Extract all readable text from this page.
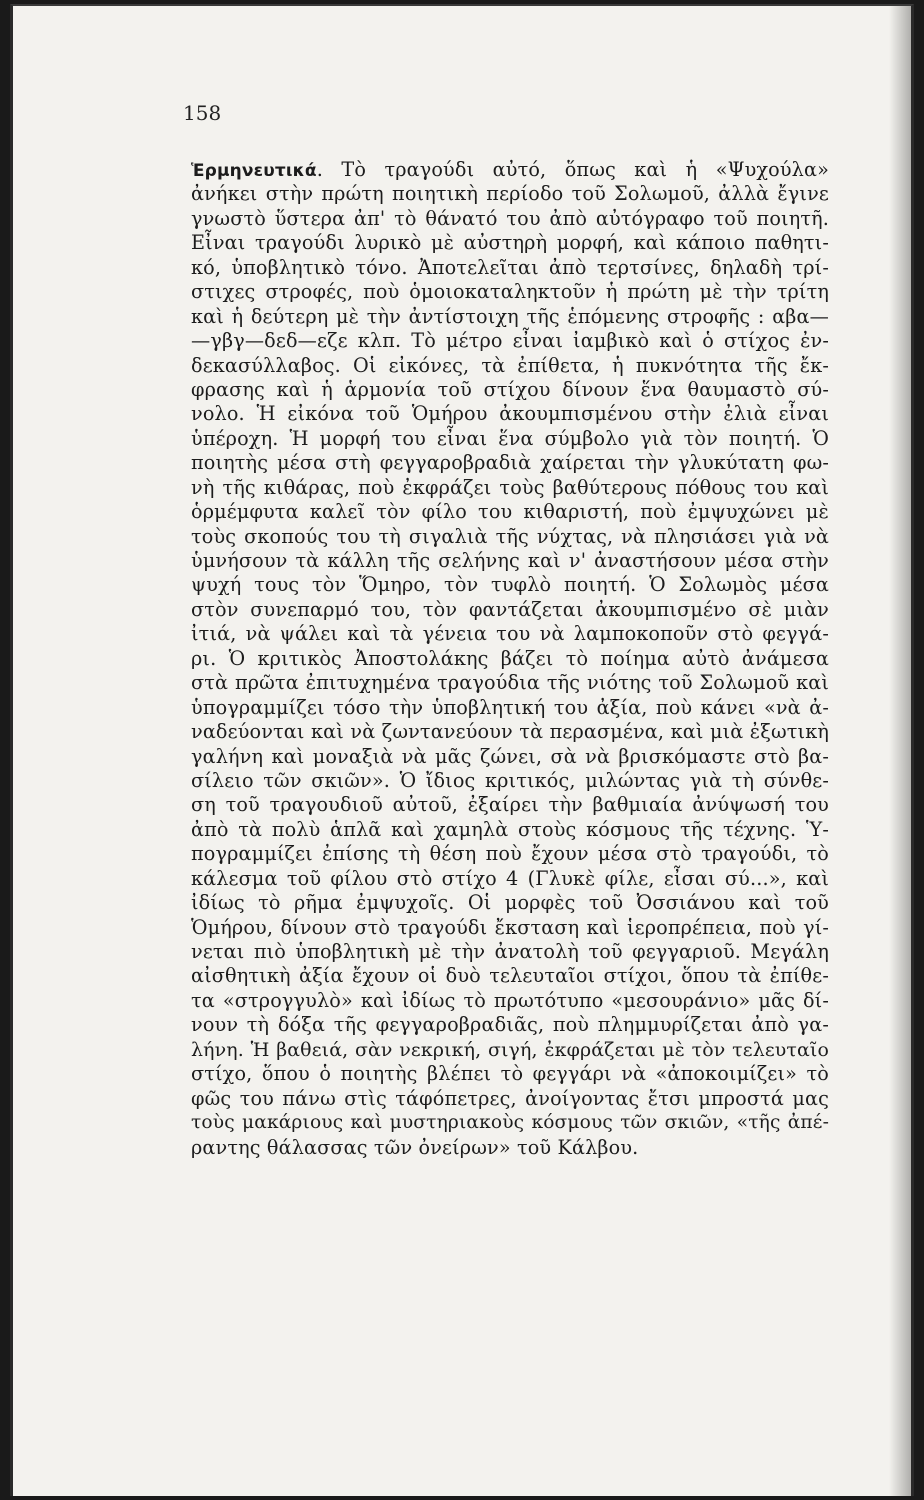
158
Ἑρμηνευτικά. Τὸ τραγούδι αὐτό, ὅπως καὶ ἡ «Ψυχούλα»
ἀνήκει στὴν πρώτη ποιητικὴ περίοδο τοῦ Σολωμοῦ, ἀλλὰ ἔγινε
γνωστὸ ὕστερα ἀπ' τὸ θάνατό του ἀπὸ αὐτόγραφο τοῦ ποιητῆ.
Εἶναι τραγούδι λυρικὸ μὲ αὐστηρὴ μορφή, καὶ κάποιο παθητι-
κό, ὑποβλητικὸ τόνο. Ἀποτελεῖται ἀπὸ τερτσίνες, δηλαδὴ τρί-
στιχες στροφές, ποὺ ὁμοιοκαταληκτοῦν ἡ πρώτη μὲ τὴν τρίτη
καὶ ἡ δεύτερη μὲ τὴν ἀντίστοιχη τῆς ἑπόμενης στροφῆς : αβα—
—γβγ—δεδ—εζε κλπ. Τὸ μέτρο εἶναι ἰαμβικὸ καὶ ὁ στίχος ἐν-
δεκασύλλαβος. Οἱ εἰκόνες, τὰ ἐπίθετα, ἡ πυκνότητα τῆς ἔκ-
φρασης καὶ ἡ ἁρμονία τοῦ στίχου δίνουν ἕνα θαυμαστὸ σύ-
νολο. Ἡ εἰκόνα τοῦ Ὁμήρου ἀκουμπισμένου στὴν ἐλιὰ εἶναι
ὑπέροχη. Ἡ μορφή του εἶναι ἕνα σύμβολο γιὰ τὸν ποιητή. Ὁ
ποιητὴς μέσα στὴ φεγγαροβραδιὰ χαίρεται τὴν γλυκύτατη φω-
νὴ τῆς κιθάρας, ποὺ ἐκφράζει τοὺς βαθύτερους πόθους του καὶ
ὁρμέμφυτα καλεῖ τὸν φίλο του κιθαριστή, ποὺ ἐμψυχώνει μὲ
τοὺς σκοπούς του τὴ σιγαλιὰ τῆς νύχτας, νὰ πλησιάσει γιὰ νὰ
ὑμνήσουν τὰ κάλλη τῆς σελήνης καὶ ν' ἀναστήσουν μέσα στὴν
ψυχή τους τὸν Ὅμηρο, τὸν τυφλὸ ποιητή. Ὁ Σολωμὸς μέσα
στὸν συνεπαρμό του, τὸν φαντάζεται ἀκουμπισμένο σὲ μιὰν
ἰτιά, νὰ ψάλει καὶ τὰ γένεια του νὰ λαμποκοποῦν στὸ φεγγά-
ρι. Ὁ κριτικὸς Ἀποστολάκης βάζει τὸ ποίημα αὐτὸ ἀνάμεσα
στὰ πρῶτα ἐπιτυχημένα τραγούδια τῆς νιότης τοῦ Σολωμοῦ καὶ
ὑπογραμμίζει τόσο τὴν ὑποβλητική του ἀξία, ποὺ κάνει «νὰ ἀ-
ναδεύονται καὶ νὰ ζωντανεύουν τὰ περασμένα, καὶ μιὰ ἐξωτικὴ
γαλήνη καὶ μοναξιὰ νὰ μᾶς ζώνει, σὰ νὰ βρισκόμαστε στὸ βα-
σίλειο τῶν σκιῶν». Ὁ ἴδιος κριτικός, μιλώντας γιὰ τὴ σύνθε-
ση τοῦ τραγουδιοῦ αὐτοῦ, ἐξαίρει τὴν βαθμιαία ἀνύψωσή του
ἀπὸ τὰ πολὺ ἁπλᾶ καὶ χαμηλὰ στοὺς κόσμους τῆς τέχνης. Ὑ-
πογραμμίζει ἐπίσης τὴ θέση ποὺ ἔχουν μέσα στὸ τραγούδι, τὸ
κάλεσμα τοῦ φίλου στὸ στίχο 4 (Γλυκὲ φίλε, εἶσαι σύ...», καὶ
ἰδίως τὸ ρῆμα ἐμψυχοῖς. Οἱ μορφὲς τοῦ Ὀσσιάνου καὶ τοῦ
Ὁμήρου, δίνουν στὸ τραγούδι ἔκσταση καὶ ἱεροπρέπεια, ποὺ γί-
νεται πιὸ ὑποβλητικὴ μὲ τὴν ἀνατολὴ τοῦ φεγγαριοῦ. Μεγάλη
αἰσθητικὴ ἀξία ἔχουν οἱ δυὸ τελευταῖοι στίχοι, ὅπου τὰ ἐπίθε-
τα «στρογγυλὸ» καὶ ἰδίως τὸ πρωτότυπο «μεσουράνιο» μᾶς δί-
νουν τὴ δόξα τῆς φεγγαροβραδιᾶς, ποὺ πλημμυρίζεται ἀπὸ γα-
λήνη. Ἡ βαθειά, σὰν νεκρική, σιγή, ἐκφράζεται μὲ τὸν τελευταῖο
στίχο, ὅπου ὁ ποιητὴς βλέπει τὸ φεγγάρι νὰ «ἀποκοιμίζει» τὸ
φῶς του πάνω στὶς τάφόπετρες, ἀνοίγοντας ἔτσι μπροστά μας
τοὺς μακάριους καὶ μυστηριακοὺς κόσμους τῶν σκιῶν, «τῆς ἀπέ-
ραντης θάλασσας τῶν ὀνείρων» τοῦ Κάλβου.
